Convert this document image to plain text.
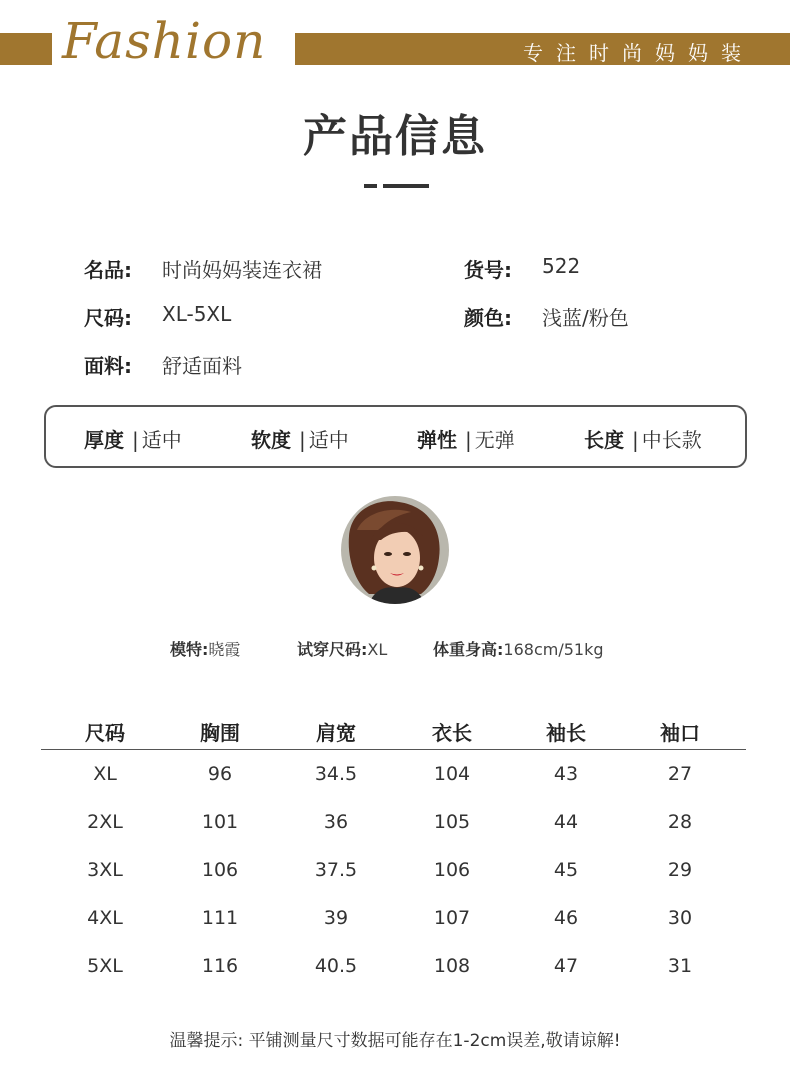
Fashion	专注时尚妈妈装
产品信息
名品: 时尚妈妈装连衣裙	货号: 522
尺码: XL-5XL	颜色: 浅蓝/粉色
面料: 舒适面料
厚度 | 适中	软度 | 适中	弹性 | 无弹	长度 | 中长款
模特:晓霞	试穿尺码:XL	体重身高:168cm/51kg
尺码	胸围	肩宽	衣长	袖长	袖口
XL	96	34.5	104	43	27
2XL	101	36	105	44	28
3XL	106	37.5	106	45	29
4XL	111	39	107	46	30
5XL	116	40.5	108	47	31
温馨提示: 平铺测量尺寸数据可能存在1-2cm误差,敬请谅解!
